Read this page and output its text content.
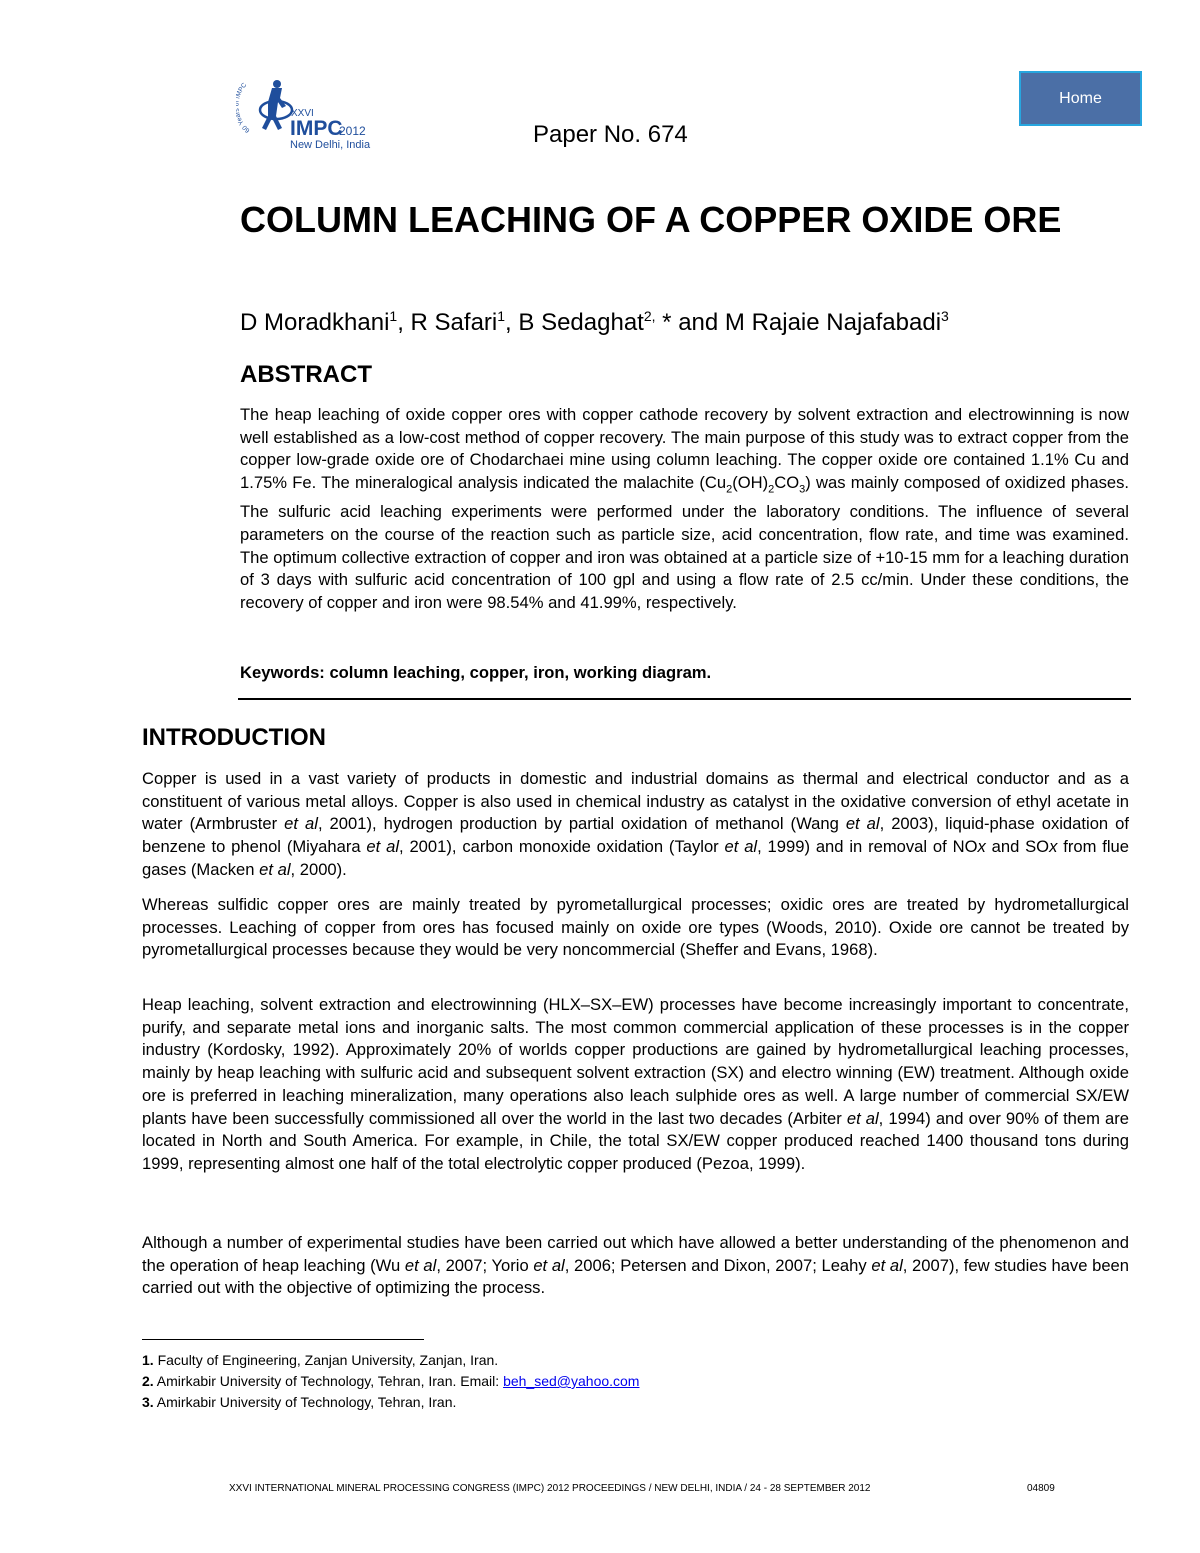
60 Ye PC
XXVI
IMPC
2012
New Delhi, India
Home
Paper No. 674
COLUMN LEACHING OF A COPPER OXIDE ORE

D Moradkhani$^1$, R Safari$^1$, B Sedaghat$^{2,}$ * and M Rajaie Najafabadi$^3$

ABSTRACT

The heap leaching of oxide copper ores with copper cathode recovery by solvent extraction and electrowinning is now well established as a low-cost method of copper recovery. The main purpose of this study was to extract copper from the copper low-grade oxide ore of Chodarchaei mine using column leaching. The copper oxide ore contained 1.1% Cu and 1.75% Fe. The mineralogical analysis indicated the malachite $(Cu_2(OH)_2CO_3)$ was mainly composed of oxidized phases. The sulfuric acid leaching experiments were performed under the laboratory conditions. The influence of several parameters on the course of the reaction such as particle size, acid concentration, flow rate, and time was examined. The optimum collective extraction of copper and iron was obtained at a particle size of +10-15 mm for a leaching duration of 3 days with sulfuric acid concentration of 100 gpl and using a flow rate of 2.5 cc/min. Under these conditions, the recovery of copper and iron were 98.54% and 41.99%, respectively.

Keywords: column leaching, copper, iron, working diagram.

INTRODUCTION

Copper is used in a vast variety of products in domestic and industrial domains as thermal and electrical conductor and as a constituent of various metal alloys. Copper is also used in chemical industry as catalyst in the oxidative conversion of ethyl acetate in water (Armbruster et al, 2001), hydrogen production by partial oxidation of methanol (Wang et al, 2003), liquid-phase oxidation of benzene to phenol (Miyahara et al, 2001), carbon monoxide oxidation (Taylor et al, 1999) and in removal of NOx and SOx from flue gases (Macken et al, 2000).

Whereas sulfidic copper ores are mainly treated by pyrometallurgical processes; oxidic ores are treated by hydrometallurgical processes. Leaching of copper from ores has focused mainly on oxide ore types (Woods, 2010). Oxide ore cannot be treated by pyrometallurgical processes because they would be very noncommercial (Sheffer and Evans, 1968).

Heap leaching, solvent extraction and electrowinning (HLX–SX–EW) processes have become increasingly important to concentrate, purify, and separate metal ions and inorganic salts. The most common commercial application of these processes is in the copper industry (Kordosky, 1992). Approximately 20% of worlds copper productions are gained by hydrometallurgical leaching processes, mainly by heap leaching with sulfuric acid and subsequent solvent extraction (SX) and electro winning (EW) treatment. Although oxide ore is preferred in leaching mineralization, many operations also leach sulphide ores as well. A large number of commercial SX/EW plants have been successfully commissioned all over the world in the last two decades (Arbiter et al, 1994) and over 90% of them are located in North and South America. For example, in Chile, the total SX/EW copper produced reached 1400 thousand tons during 1999, representing almost one half of the total electrolytic copper produced (Pezoa, 1999).

Although a number of experimental studies have been carried out which have allowed a better understanding of the phenomenon and the operation of heap leaching (Wu et al, 2007; Yorio et al, 2006; Petersen and Dixon, 2007; Leahy et al, 2007), few studies have been carried out with the objective of optimizing the process.

1. Faculty of Engineering, Zanjan University, Zanjan, Iran.

2. Amirkabir University of Technology, Tehran, Iran. Email: beh_sed@yahoo.com

3. Amirkabir University of Technology, Tehran, Iran.

XXVI INTERNATIONAL MINERAL PROCESSING CONGRESS (IMPC) 2012 PROCEEDINGS / NEW DELHI, INDIA / 24 - 28 SEPTEMBER 2012	04809
